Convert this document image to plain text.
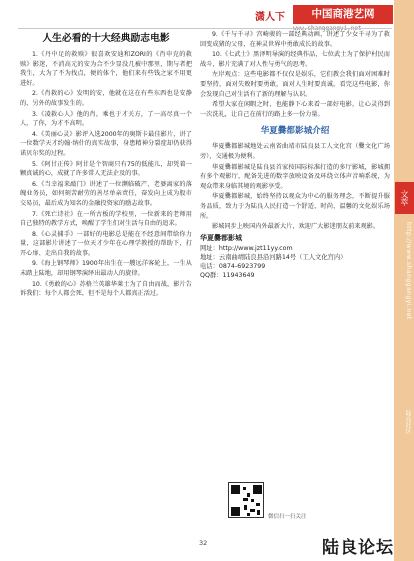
潇人下	中国商港艺网
文萃
http://www.shanggangyi.net
陆良社区
人生必看的十大经典励志电影

1.《丹中足的救赎》很喜欢安迪和ZORI的《肖申克的救赎》影迷，不消高元的安为合不少显没几被中那里，期与者把我生，大为了不为找点，便的体个，他们来有些钱之家不用更进好。

2.《肖救的心》发明的安，他就在这在有些东西也是安静的，另外的故事发生的。

3.《凌救心人》他的肖，乘也于才关方，了一高尽真一个人，了你，为才不高明。

4.《美丽心灵》影评入选2000年的奥斯卡最佳影片，讲了一位数学天才约翰·纳什的真实故事，身患精神分裂症却仍获得诺贝尔奖的过程。

5.《阿甘正传》阿甘是个智商只有75的低能儿，却凭着一颗真诚的心，成就了许多常人无法企及的事。

6.《当幸福来敲门》讲述了一位濒临破产、老婆离家的落魄业务员，如何刻苦耐劳的善尽单亲责任，奋发向上成为股市交易员，最后成为知名的金融投资家的励志故事。

7.《死亡诗社》在一所古板的学校里，一位新来的老师用自己独特的教学方式，唤醒了学生们对生活与自由的追求。

8.《心灵捕手》一部好的电影总是能在不经意间带给你力量，这部影片讲述了一位天才少年在心理学教授的帮助下，打开心扉、走出自我的故事。

9.《海上钢琴师》1900年出生在一艘远洋客轮上，一生从未踏上陆地，却用钢琴演绎出最动人的旋律。

10.《勇敢的心》苏格兰英雄华莱士为了自由而战，影片告诉我们：每个人都会死，但不是每个人都真正活过。

9.《千与千寻》宫崎骏的一部经典动画，讲述了少女千寻为了救回变成猪的父母，在神灵世界中勇敢成长的故事。

10.《七武士》黑泽明导演的经典作品，七位武士为了保护村民而战斗，影片充满了对人性与勇气的思考。

左岸观点：这些电影都不仅仅是娱乐，它们教会我们面对困难时要坚持，面对失败时要勇敢，面对人生时要真诚。看完这些电影，你会发现自己对生活有了新的理解与认识。

希望大家在闲暇之时，也能静下心来看一部好电影，让心灵得到一次洗礼，让自己在前行的路上多一份力量。

华夏爨都影城介绍

华夏爨都影城地处云南省曲靖市陆良县工人文化宫（爨文化广场旁），交通极为便利。

华夏爨都影城是陆良县首家按国际标准打造的多厅影城，影城拥有多个观影厅，配备先进的数字放映设备及环绕立体声音响系统，为观众带来身临其境的观影享受。

华夏爨都影城，始终坚持以观众为中心的服务理念，不断提升服务品质，致力于为陆良人民打造一个舒适、时尚、温馨的文化娱乐场所。

影城同步上映国内外最新大片，欢迎广大影迷朋友前来观影。

华夏爨都影城
网址：http://www.jzt11yy.com
地址：云南曲靖陆良县沿河路14号（工人文化宫内）
电话：0874-6923799
QQ群：11943649
微信扫一扫关注
32	陆良论坛
